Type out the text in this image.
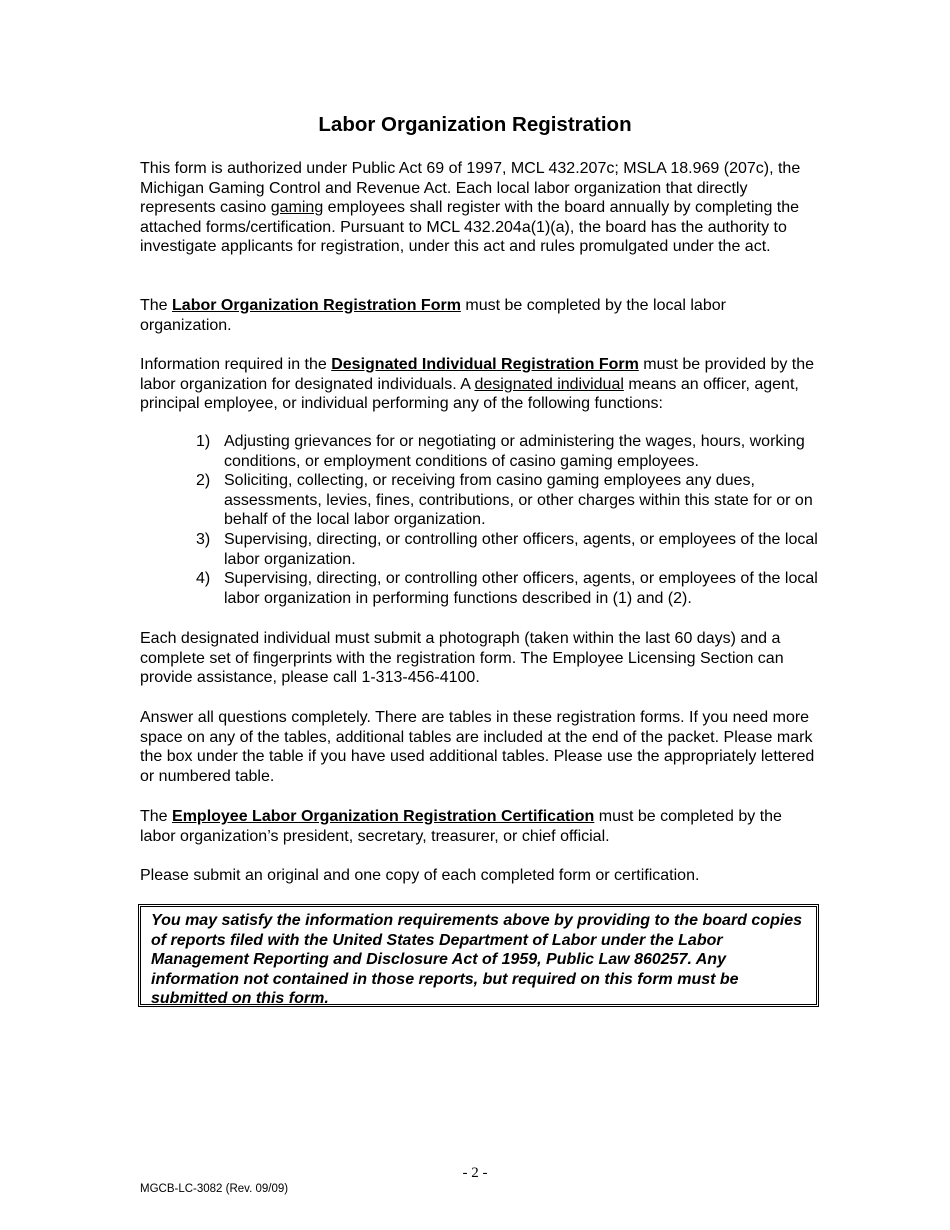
Labor Organization Registration

This form is authorized under Public Act 69 of 1997, MCL 432.207c; MSLA 18.969 (207c), the Michigan Gaming Control and Revenue Act. Each local labor organization that directly represents casino gaming employees shall register with the board annually by completing the attached forms/certification. Pursuant to MCL 432.204a(1)(a), the board has the authority to investigate applicants for registration, under this act and rules promulgated under the act.

The Labor Organization Registration Form must be completed by the local labor organization.

Information required in the Designated Individual Registration Form must be provided by the labor organization for designated individuals. A designated individual means an officer, agent, principal employee, or individual performing any of the following functions:

1) Adjusting grievances for or negotiating or administering the wages, hours, working conditions, or employment conditions of casino gaming employees.
2) Soliciting, collecting, or receiving from casino gaming employees any dues, assessments, levies, fines, contributions, or other charges within this state for or on behalf of the local labor organization.
3) Supervising, directing, or controlling other officers, agents, or employees of the local labor organization.
4) Supervising, directing, or controlling other officers, agents, or employees of the local labor organization in performing functions described in (1) and (2).

Each designated individual must submit a photograph (taken within the last 60 days) and a complete set of fingerprints with the registration form. The Employee Licensing Section can provide assistance, please call 1-313-456-4100.

Answer all questions completely. There are tables in these registration forms. If you need more space on any of the tables, additional tables are included at the end of the packet. Please mark the box under the table if you have used additional tables. Please use the appropriately lettered or numbered table.

The Employee Labor Organization Registration Certification must be completed by the labor organization’s president, secretary, treasurer, or chief official.

Please submit an original and one copy of each completed form or certification.

You may satisfy the information requirements above by providing to the board copies of reports filed with the United States Department of Labor under the Labor Management Reporting and Disclosure Act of 1959, Public Law 860257. Any information not contained in those reports, but required on this form must be submitted on this form.
- 2 -
MGCB-LC-3082 (Rev. 09/09)
